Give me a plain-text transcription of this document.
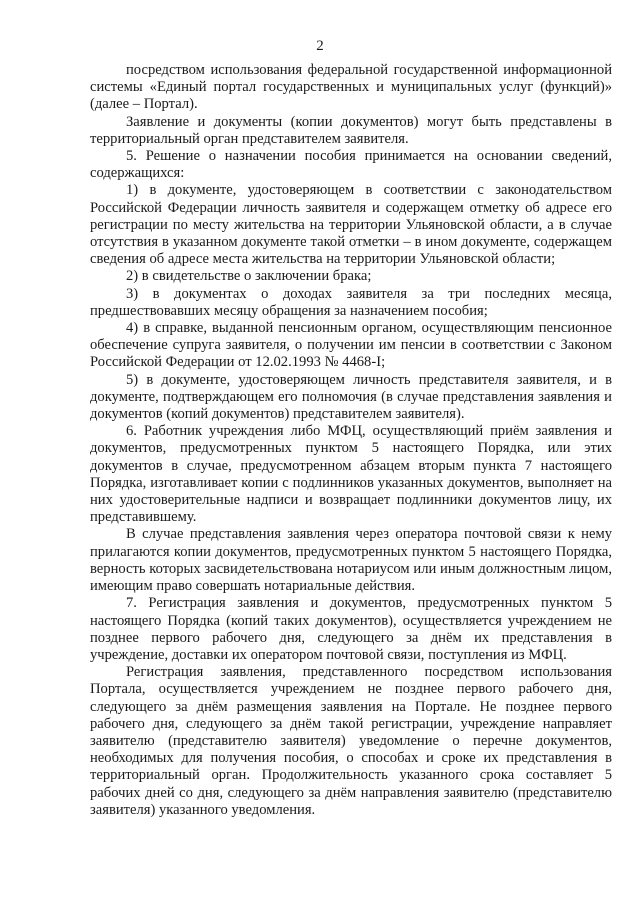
2

посредством использования федеральной государственной информационной системы «Единый портал государственных и муниципальных услуг (функций)» (далее – Портал).

Заявление и документы (копии документов) могут быть представлены в территориальный орган представителем заявителя.

5. Решение о назначении пособия принимается на основании сведений, содержащихся:

1) в документе, удостоверяющем в соответствии с законодательством Российской Федерации личность заявителя и содержащем отметку об адресе его регистрации по месту жительства на территории Ульяновской области, а в случае отсутствия в указанном документе такой отметки – в ином документе, содержащем сведения об адресе места жительства на территории Ульяновской области;

2) в свидетельстве о заключении брака;

3) в документах о доходах заявителя за три последних месяца, предшествовавших месяцу обращения за назначением пособия;

4) в справке, выданной пенсионным органом, осуществляющим пенсионное обеспечение супруга заявителя, о получении им пенсии в соответствии с Законом Российской Федерации от 12.02.1993 № 4468-I;

5) в документе, удостоверяющем личность представителя заявителя, и в документе, подтверждающем его полномочия (в случае представления заявления и документов (копий документов) представителем заявителя).

6. Работник учреждения либо МФЦ, осуществляющий приём заявления и документов, предусмотренных пунктом 5 настоящего Порядка, или этих документов в случае, предусмотренном абзацем вторым пункта 7 настоящего Порядка, изготавливает копии с подлинников указанных документов, выполняет на них удостоверительные надписи и возвращает подлинники документов лицу, их представившему.

В случае представления заявления через оператора почтовой связи к нему прилагаются копии документов, предусмотренных пунктом 5 настоящего Порядка, верность которых засвидетельствована нотариусом или иным должностным лицом, имеющим право совершать нотариальные действия.

7. Регистрация заявления и документов, предусмотренных пунктом 5 настоящего Порядка (копий таких документов), осуществляется учреждением не позднее первого рабочего дня, следующего за днём их представления в учреждение, доставки их оператором почтовой связи, поступления из МФЦ.

Регистрация заявления, представленного посредством использования Портала, осуществляется учреждением не позднее первого рабочего дня, следующего за днём размещения заявления на Портале. Не позднее первого рабочего дня, следующего за днём такой регистрации, учреждение направляет заявителю (представителю заявителя) уведомление о перечне документов, необходимых для получения пособия, о способах и сроке их представления в территориальный орган. Продолжительность указанного срока составляет 5 рабочих дней со дня, следующего за днём направления заявителю (представителю заявителя) указанного уведомления.
